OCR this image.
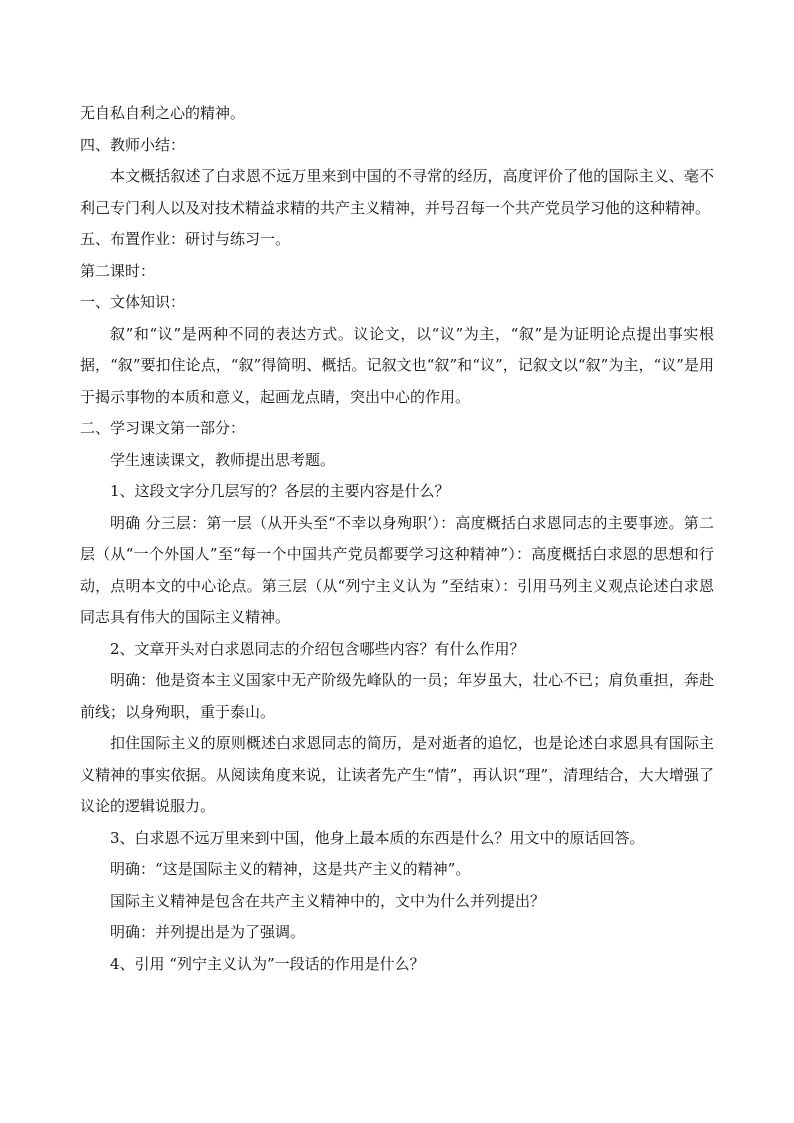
无自私自利之心的精神。

四、教师小结：

本文概括叙述了白求恩不远万里来到中国的不寻常的经历，高度评价了他的国际主义、毫不利己专门利人以及对技术精益求精的共产主义精神，并号召每一个共产党员学习他的这种精神。

五、布置作业：研讨与练习一。

第二课时：

一、文体知识：

叙”和“议”是两种不同的表达方式。议论文，以“议”为主，“叙”是为证明论点提出事实根据，“叙”要扣住论点，“叙”得简明、概括。记叙文也“叙”和“议”，记叙文以“叙”为主，“议”是用于揭示事物的本质和意义，起画龙点睛，突出中心的作用。

二、学习课文第一部分：

学生速读课文，教师提出思考题。

1、这段文字分几层写的？各层的主要内容是什么？

明确 分三层：第一层（从开头至“不幸以身殉职’）：高度概括白求恩同志的主要事迹。第二层（从“一个外国人”至“每一个中国共产党员都要学习这种精神”）：高度概括白求恩的思想和行动，点明本文的中心论点。第三层（从“列宁主义认为 ”至结束）：引用马列主义观点论述白求恩同志具有伟大的国际主义精神。

2、文章开头对白求恩同志的介绍包含哪些内容？有什么作用？

明确：他是资本主义国家中无产阶级先峰队的一员；年岁虽大，壮心不已；肩负重担，奔赴前线；以身殉职，重于泰山。

扣住国际主义的原则概述白求恩同志的简历，是对逝者的追忆，也是论述白求恩具有国际主义精神的事实依据。从阅读角度来说，让读者先产生“情”，再认识“理”，清理结合，大大增强了议论的逻辑说服力。

3、白求恩不远万里来到中国，他身上最本质的东西是什么？用文中的原话回答。

明确：“这是国际主义的精神，这是共产主义的精神”。

国际主义精神是包含在共产主义精神中的，文中为什么并列提出？

明确：并列提出是为了强调。

4、引用 “列宁主义认为”一段话的作用是什么？
